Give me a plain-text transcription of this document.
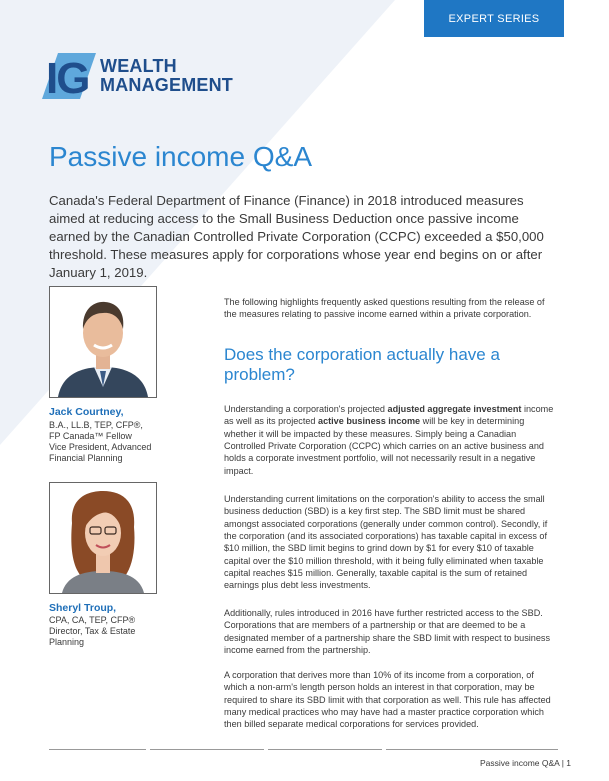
EXPERT SERIES
IG WEALTH
MANAGEMENT
Passive income Q&A

Canada's Federal Department of Finance (Finance) in 2018 introduced measures aimed at reducing access to the Small Business Deduction once passive income earned by the Canadian Controlled Private Corporation (CCPC) exceeded a $50,000 threshold. These measures apply for corporations whose year end begins on or after January 1, 2019.

Jack Courtney,
B.A., LL.B, TEP, CFP®,
FP Canada™ Fellow
Vice President, Advanced
Financial Planning
Sheryl Troup,
CPA, CA, TEP, CFP®
Director, Tax & Estate
Planning

The following highlights frequently asked questions resulting from the release of the measures relating to passive income earned within a private corporation.

Does the corporation actually have a problem?

Understanding a corporation's projected adjusted aggregate investment income as well as its projected active business income will be key in determining whether it will be impacted by these measures. Simply being a Canadian Controlled Private Corporation (CCPC) which carries on an active business and holds a corporate investment portfolio, will not necessarily result in a negative impact.

Understanding current limitations on the corporation's ability to access the small business deduction (SBD) is a key first step. The SBD limit must be shared amongst associated corporations (generally under common control). Secondly, if the corporation (and its associated corporations) has taxable capital in excess of $10 million, the SBD limit begins to grind down by $1 for every $10 of taxable capital over the $10 million threshold, with it being fully eliminated when taxable capital reaches $15 million. Generally, taxable capital is the sum of retained earnings plus debt less investments.

Additionally, rules introduced in 2016 have further restricted access to the SBD. Corporations that are members of a partnership or that are deemed to be a designated member of a partnership share the SBD limit with respect to business income earned from the partnership.

A corporation that derives more than 10% of its income from a corporation, of which a non-arm's length person holds an interest in that corporation, may be required to share its SBD limit with that corporation as well. This rule has affected many medical practices who may have had a master practice corporation which then billed separate medical corporations for services provided.

Passive income Q&A | 1
